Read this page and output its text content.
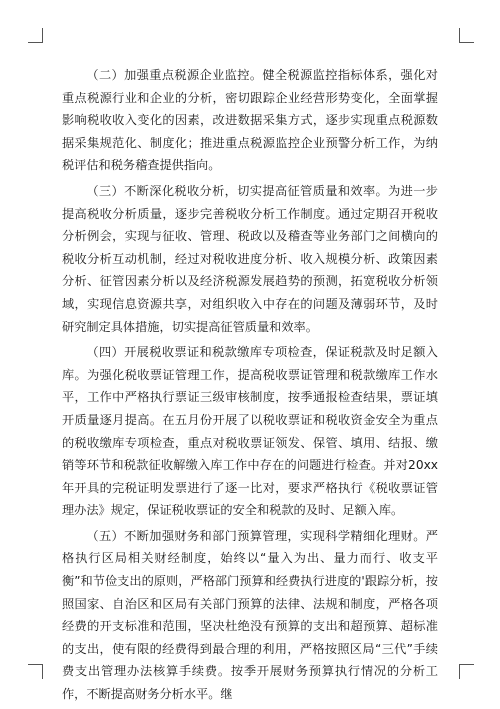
（二）加强重点税源企业监控。健全税源监控指标体系，强化对重点税源行业和企业的分析，密切跟踪企业经营形势变化，全面掌握影响税收收入变化的因素，改进数据采集方式，逐步实现重点税源数据采集规范化、制度化；推进重点税源监控企业预警分析工作，为纳税评估和税务稽查提供指向。

（三）不断深化税收分析，切实提高征管质量和效率。为进一步提高税收分析质量，逐步完善税收分析工作制度。通过定期召开税收分析例会，实现与征收、管理、税政以及稽查等业务部门之间横向的税收分析互动机制，经过对税收进度分析、收入规模分析、政策因素分析、征管因素分析以及经济税源发展趋势的预测，拓宽税收分析领域，实现信息资源共享，对组织收入中存在的问题及薄弱环节，及时研究制定具体措施，切实提高征管质量和效率。

（四）开展税收票证和税款缴库专项检查，保证税款及时足额入库。为强化税收票证管理工作，提高税收票证管理和税款缴库工作水平，工作中严格执行票证三级审核制度，按季通报检查结果，票证填开质量逐月提高。在五月份开展了以税收票证和税收资金安全为重点的税收缴库专项检查，重点对税收票证领发、保管、填用、结报、缴销等环节和税款征收解缴入库工作中存在的问题进行检查。并对20xx年开具的完税证明发票进行了逐一比对，要求严格执行《税收票证管理办法》规定，保证税收票证的安全和税款的及时、足额入库。

（五）不断加强财务和部门预算管理，实现科学精细化理财。严格执行区局相关财经制度，始终以“量入为出、量力而行、收支平衡”和节俭支出的原则，严格部门预算和经费执行进度的'跟踪分析，按照国家、自治区和区局有关部门预算的法律、法规和制度，严格各项经费的开支标准和范围，坚决杜绝没有预算的支出和超预算、超标准的支出，使有限的经费得到最合理的利用，严格按照区局“三代”手续费支出管理办法核算手续费。按季开展财务预算执行情况的分析工作，不断提高财务分析水平。继
